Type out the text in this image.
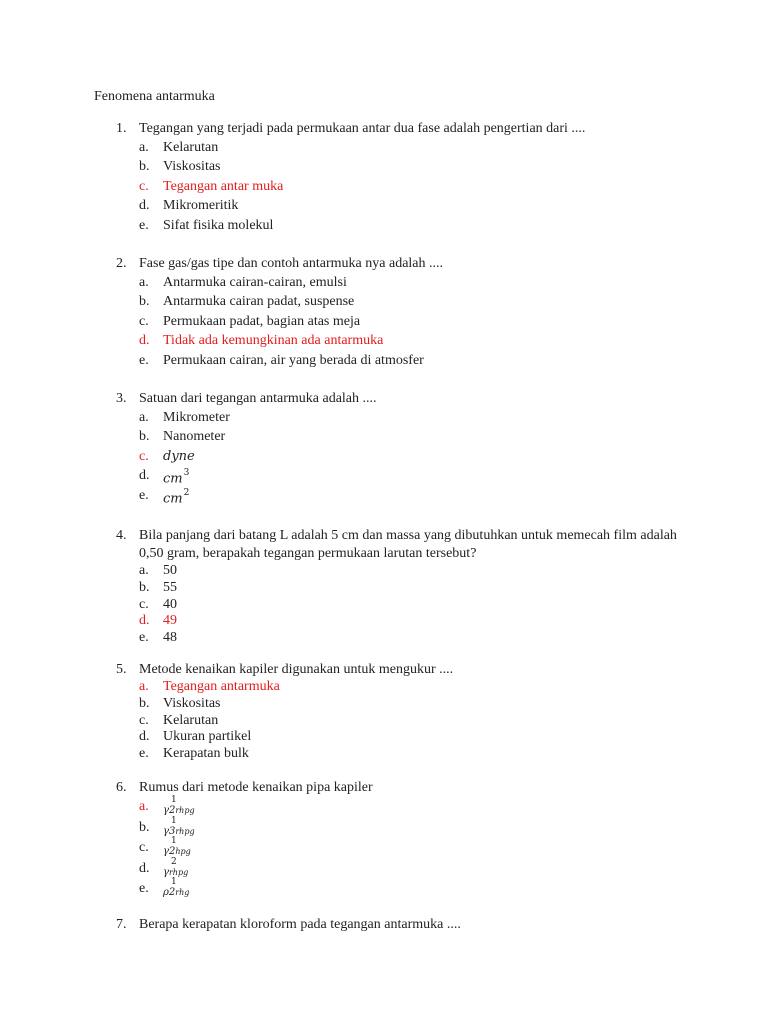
Fenomena antarmuka
1. Tegangan yang terjadi pada permukaan antar dua fase adalah pengertian dari ....
a.	Kelarutan
b. Viskositas
c.	Tegangan antar muka
d. Mikromeritik
e.	Sifat fisika molekul
2. Fase gas/gas tipe dan contoh antarmuka nya adalah ....
a.	Antarmuka cairan-cairan, emulsi
b. Antarmuka cairan padat, suspense
c.	Permukaan padat, bagian atas meja
d. Tidak ada kemungkinan ada antarmuka
e.	Permukaan cairan, air yang berada di atmosfer
3. Satuan dari tegangan antarmuka adalah ....
a.	Mikrometer
b. Nanometer
c.	dyne
d.	$cm^3$
e.	$cm^2$
4. Bila panjang dari batang L adalah 5 cm dan massa yang dibutuhkan untuk memecah film adalah 0,50 gram, berapakah tegangan permukaan larutan tersebut?
a.	50
b. 55
c.	40
d. 49
e.	48
5. Metode kenaikan kapiler digunakan untuk mengukur ....
a.	Tegangan antarmuka
b. Viskositas
c.	Kelarutan
d. Ukuran partikel
e.	Kerapatan bulk
6. Rumus dari metode kenaikan pipa kapiler
a.	1
γ2rhpg
b.	1
γ3rhpg
c.	1
γ2hpg
d.	2
γrhpg
e.	1
ρ2rhg
7. Berapa kerapatan kloroform pada tegangan antarmuka ....
